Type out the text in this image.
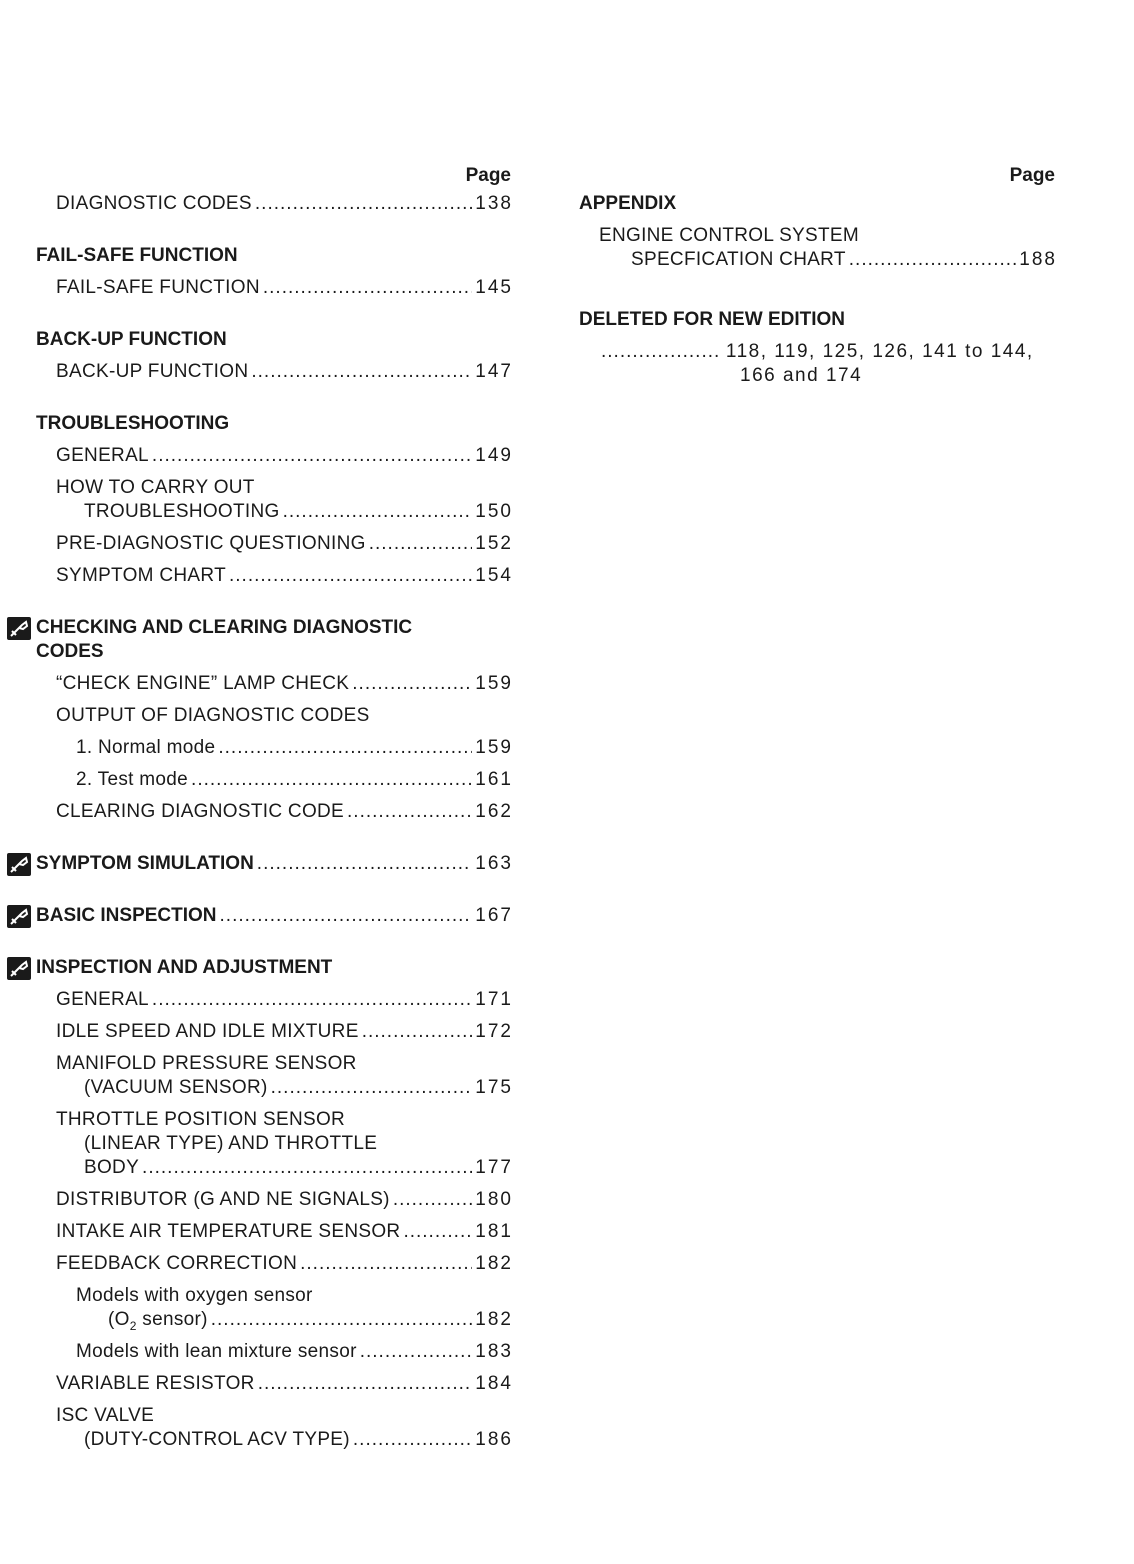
Page
DIAGNOSTIC CODES .....	138
FAIL-SAFE FUNCTION
FAIL-SAFE FUNCTION .....	145
BACK-UP FUNCTION
BACK-UP FUNCTION .....	147
TROUBLESHOOTING
GENERAL .....	149
HOW TO CARRY OUT
TROUBLESHOOTING .....	150
PRE-DIAGNOSTIC QUESTIONING .....	152
SYMPTOM CHART .....	154
CHECKING AND CLEARING DIAGNOSTIC
CODES
“CHECK ENGINE” LAMP CHECK .....	159
OUTPUT OF DIAGNOSTIC CODES
1. Normal mode .....	159
2. Test mode .....	161
CLEARING DIAGNOSTIC CODE .....	162
SYMPTOM SIMULATION .....	163
BASIC INSPECTION .....	167
INSPECTION AND ADJUSTMENT
GENERAL .....	171
IDLE SPEED AND IDLE MIXTURE .....	172
MANIFOLD PRESSURE SENSOR
(VACUUM SENSOR) .....	175
THROTTLE POSITION SENSOR
(LINEAR TYPE) AND THROTTLE
BODY .....	177
DISTRIBUTOR (G AND NE SIGNALS) .....	180
INTAKE AIR TEMPERATURE SENSOR .....	181
FEEDBACK CORRECTION .....	182
Models with oxygen sensor
($O_2$ sensor) .....	182
Models with lean mixture sensor .....	183
VARIABLE RESISTOR .....	184
ISC VALVE
(DUTY-CONTROL ACV TYPE) .....	186
Page
APPENDIX
ENGINE CONTROL SYSTEM
SPECFICATION CHART .....	188
DELETED FOR NEW EDITION
................... 118, 119, 125, 126, 141 to 144,
166 and 174
